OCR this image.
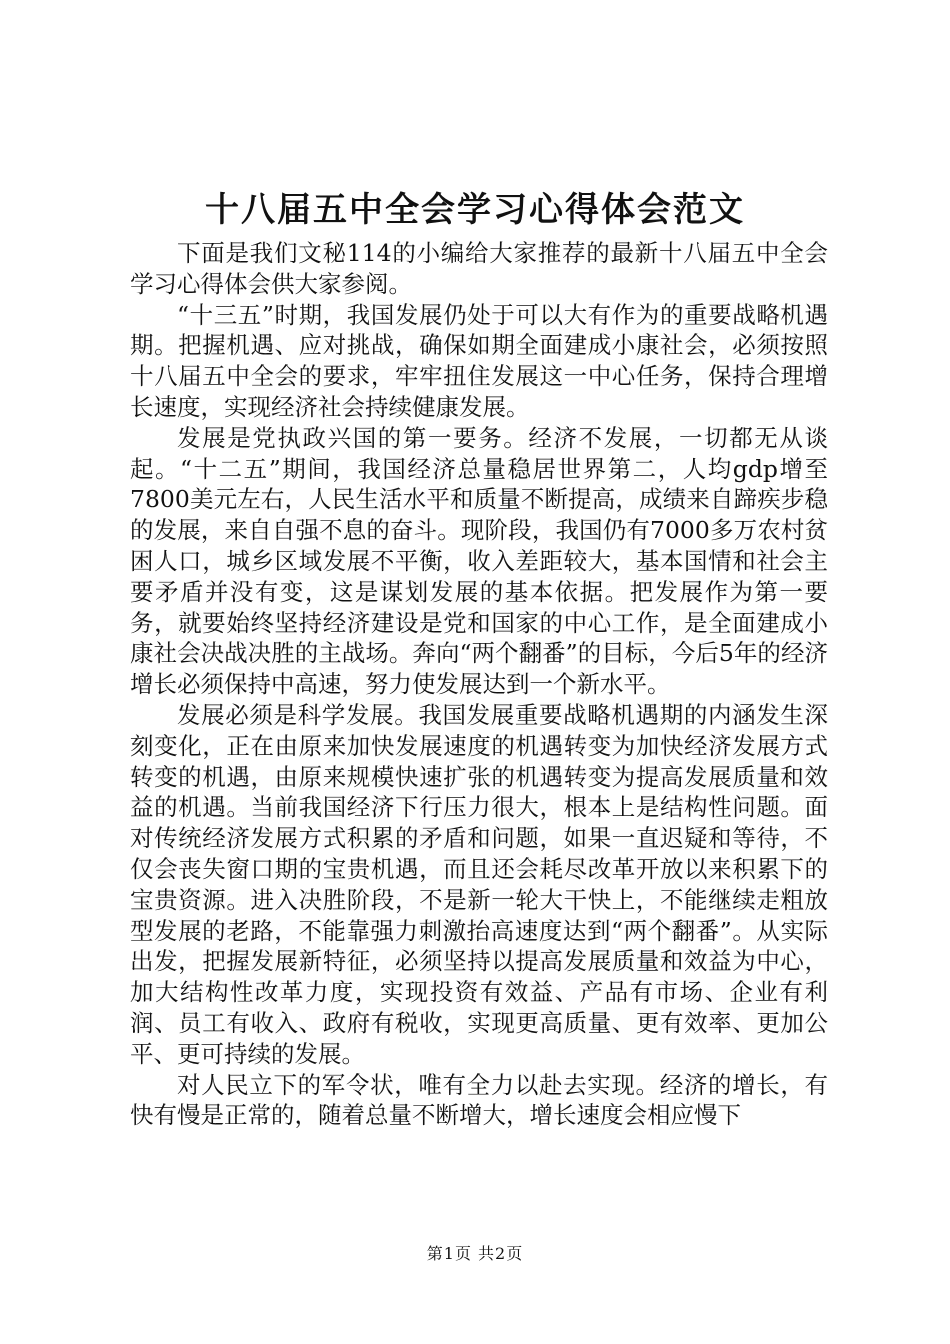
十八届五中全会学习心得体会范文

下面是我们文秘114的小编给大家推荐的最新十八届五中全会学习心得体会供大家参阅。

“十三五”时期，我国发展仍处于可以大有作为的重要战略机遇期。把握机遇、应对挑战，确保如期全面建成小康社会，必须按照十八届五中全会的要求，牢牢扭住发展这一中心任务，保持合理增长速度，实现经济社会持续健康发展。

发展是党执政兴国的第一要务。经济不发展，一切都无从谈起。“十二五”期间，我国经济总量稳居世界第二，人均gdp增至7800美元左右，人民生活水平和质量不断提高，成绩来自蹄疾步稳的发展，来自自强不息的奋斗。现阶段，我国仍有7000多万农村贫困人口，城乡区域发展不平衡，收入差距较大，基本国情和社会主要矛盾并没有变，这是谋划发展的基本依据。把发展作为第一要务，就要始终坚持经济建设是党和国家的中心工作，是全面建成小康社会决战决胜的主战场。奔向“两个翻番”的目标，今后5年的经济增长必须保持中高速，努力使发展达到一个新水平。

发展必须是科学发展。我国发展重要战略机遇期的内涵发生深刻变化，正在由原来加快发展速度的机遇转变为加快经济发展方式转变的机遇，由原来规模快速扩张的机遇转变为提高发展质量和效益的机遇。当前我国经济下行压力很大，根本上是结构性问题。面对传统经济发展方式积累的矛盾和问题，如果一直迟疑和等待，不仅会丧失窗口期的宝贵机遇，而且还会耗尽改革开放以来积累下的宝贵资源。进入决胜阶段，不是新一轮大干快上，不能继续走粗放型发展的老路，不能靠强力刺激抬高速度达到“两个翻番”。从实际出发，把握发展新特征，必须坚持以提高发展质量和效益为中心，加大结构性改革力度，实现投资有效益、产品有市场、企业有利润、员工有收入、政府有税收，实现更高质量、更有效率、更加公平、更可持续的发展。

对人民立下的军令状，唯有全力以赴去实现。经济的增长，有快有慢是正常的，随着总量不断增大，增长速度会相应慢下

第1页 共2页
